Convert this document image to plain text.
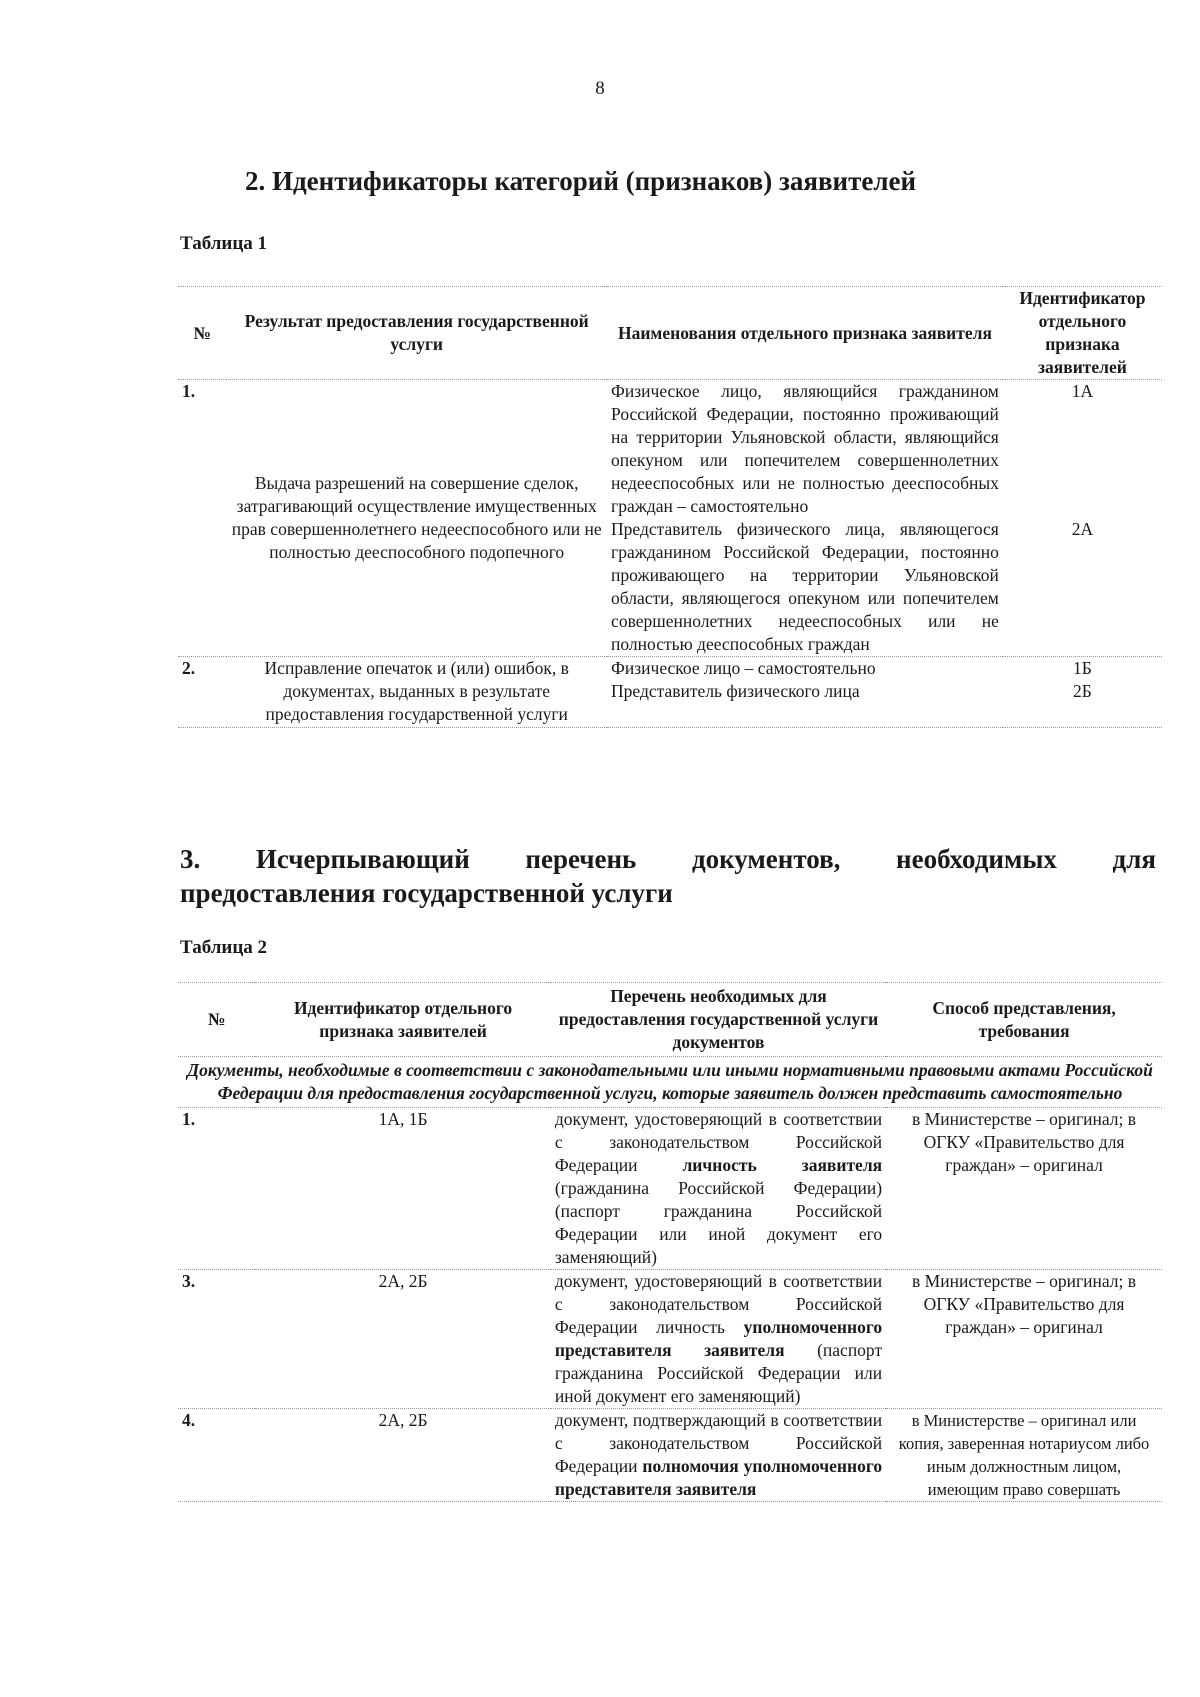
8
2. Идентификаторы категорий (признаков) заявителей
Таблица 1
№	Результат предоставления государственной услуги	Наименования отдельного признака заявителя	Идентификатор отдельного признака заявителей
1.	Выдача разрешений на совершение сделок, затрагивающий осуществление имущественных прав совершеннолетнего недееспособного или не полностью дееспособного подопечного	Физическое лицо, являющийся гражданином Российской Федерации, постоянно проживающий на территории Ульяновской области, являющийся опекуном или попечителем совершеннолетних недееспособных или не полностью дееспособных граждан – самостоятельно	1А
		Представитель физического лица, являющегося гражданином Российской Федерации, постоянно проживающего на территории Ульяновской области, являющегося опекуном или попечителем совершеннолетних недееспособных или не полностью дееспособных граждан	2А
2.	Исправление опечаток и (или) ошибок, в документах, выданных в результате предоставления государственной услуги	Физическое лицо – самостоятельно	1Б
		Представитель физического лица	2Б
3. Исчерпывающий перечень документов, необходимых для
предоставления государственной услуги
Таблица 2
№	Идентификатор отдельного признака заявителей	Перечень необходимых для предоставления государственной услуги документов	Способ представления, требования
Документы, необходимые в соответствии с законодательными или иными нормативными правовыми актами Российской Федерации для предоставления государственной услуги, которые заявитель должен представить самостоятельно			
1.	1А, 1Б	документ, удостоверяющий в соответствии с законодательством Российской Федерации личность заявителя (гражданина Российской Федерации) (паспорт гражданина Российской Федерации или иной документ его заменяющий)	в Министерстве – оригинал; в ОГКУ «Правительство для граждан» – оригинал
3.	2А, 2Б	документ, удостоверяющий в соответствии с законодательством Российской Федерации личность уполномоченного представителя заявителя (паспорт гражданина Российской Федерации или иной документ его заменяющий)	в Министерстве – оригинал; в ОГКУ «Правительство для граждан» – оригинал
4.	2А, 2Б	документ, подтверждающий в соответствии с законодательством Российской Федерации полномочия уполномоченного представителя заявителя	в Министерстве – оригинал или копия, заверенная нотариусом либо иным должностным лицом, имеющим право совершать
